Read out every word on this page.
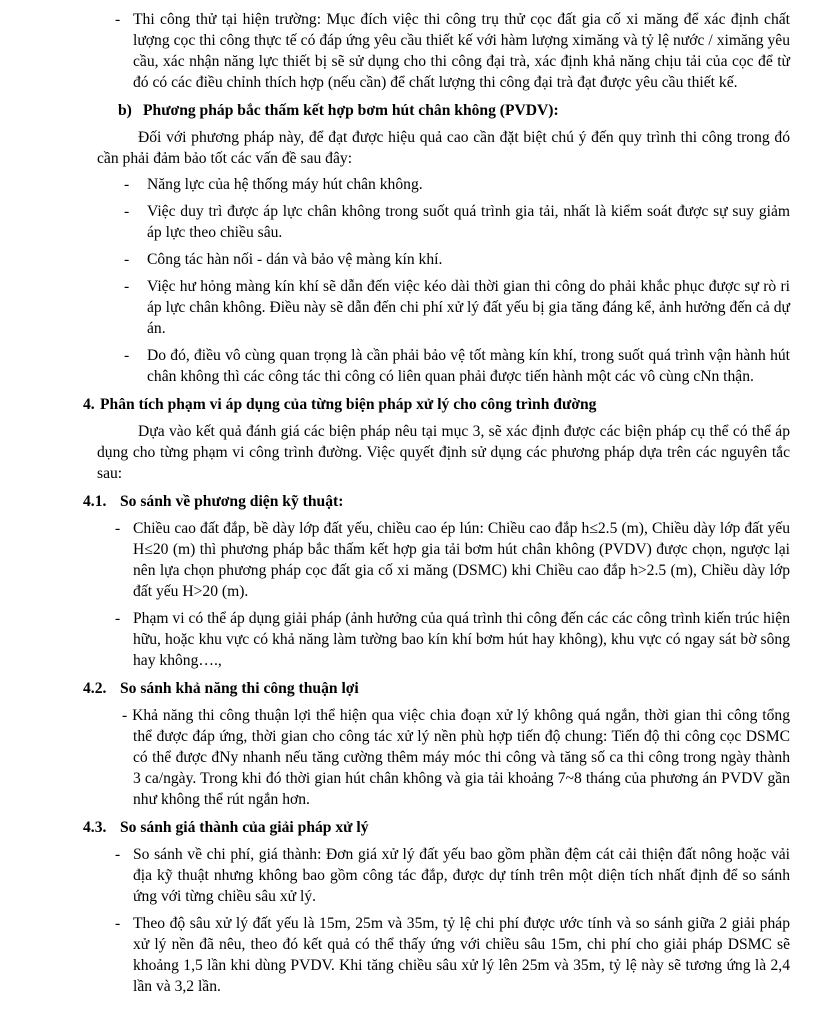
- Thi công thử tại hiện trường: Mục đích việc thi công trụ thử cọc đất gia cố xi măng để xác định chất lượng cọc thi công thực tế có đáp ứng yêu cầu thiết kế với hàm lượng ximăng và tỷ lệ nước / ximăng yêu cầu, xác nhận năng lực thiết bị sẽ sử dụng cho thi công đại trà, xác định khả năng chịu tải của cọc để từ đó có các điều chỉnh thích hợp (nếu cần) để chất lượng thi công đại trà đạt được yêu cầu thiết kế.
b) Phương pháp bắc thấm kết hợp bơm hút chân không (PVDV):
Đối với phương pháp này, để đạt được hiệu quả cao cần đặt biệt chú ý đến quy trình thi công trong đó cần phải đảm bảo tốt các vấn đề sau đây:
-	Năng lực của hệ thống máy hút chân không.
-	Việc duy trì được áp lực chân không trong suốt quá trình gia tải, nhất là kiểm soát được sự suy giảm áp lực theo chiều sâu.
-	Công tác hàn nối - dán và bảo vệ màng kín khí.
-	Việc hư hỏng màng kín khí sẽ dẫn đến việc kéo dài thời gian thi công do phải khắc phục được sự rò ri áp lực chân không. Điều này sẽ dẫn đến chi phí xử lý đất yếu bị gia tăng đáng kể, ảnh hưởng đến cả dự án.
-	Do đó, điều vô cùng quan trọng là cần phải bảo vệ tốt màng kín khí, trong suốt quá trình vận hành hút chân không thì các công tác thi công có liên quan phải được tiến hành một các vô cùng cNn thận.
4. Phân tích phạm vi áp dụng của từng biện pháp xử lý cho công trình đường
Dựa vào kết quả đánh giá các biện pháp nêu tại mục 3, sẽ xác định được các biện pháp cụ thể có thể áp dụng cho từng phạm vi công trình đường. Việc quyết định sử dụng các phương pháp dựa trên các nguyên tắc sau:
4.1. So sánh về phương diện kỹ thuật:
- Chiều cao đất đắp, bề dày lớp đất yếu, chiều cao ép lún: Chiều cao đắp h≤2.5 (m), Chiều dày lớp đất yếu H≤20 (m) thì phương pháp bắc thấm kết hợp gia tải bơm hút chân không (PVDV) được chọn, ngược lại nên lựa chọn phương pháp cọc đất gia cố xi măng (DSMC) khi Chiều cao đắp h>2.5 (m), Chiều dày lớp đất yếu H>20 (m).
- Phạm vi có thể áp dụng giải pháp (ảnh hưởng của quá trình thi công đến các các công trình kiến trúc hiện hữu, hoặc khu vực có khả năng làm tường bao kín khí bơm hút hay không), khu vực có ngay sát bờ sông hay không….,
4.2. So sánh khả năng thi công thuận lợi
- Khả năng thi công thuận lợi thể hiện qua việc chia đoạn xử lý không quá ngắn, thời gian thi công tổng thể được đáp ứng, thời gian cho công tác xử lý nền phù hợp tiến độ chung: Tiến độ thi công cọc DSMC có thể được đNy nhanh nếu tăng cường thêm máy móc thi công và tăng số ca thi công trong ngày thành 3 ca/ngày. Trong khi đó thời gian hút chân không và gia tải khoảng 7~8 tháng của phương án PVDV gần như không thể rút ngắn hơn.
4.3. So sánh giá thành của giải pháp xử lý
- So sánh về chi phí, giá thành: Đơn giá xử lý đất yếu bao gồm phần đệm cát cải thiện đất nông hoặc vải địa kỹ thuật nhưng không bao gồm công tác đắp, được dự tính trên một diện tích nhất định để so sánh ứng với từng chiều sâu xử lý.
- Theo độ sâu xử lý đất yếu là 15m, 25m và 35m, tỷ lệ chi phí được ước tính và so sánh giữa 2 giải pháp xử lý nền đã nêu, theo đó kết quả có thể thấy ứng với chiều sâu 15m, chi phí cho giải pháp DSMC sẽ khoảng 1,5 lần khi dùng PVDV. Khi tăng chiều sâu xử lý lên 25m và 35m, tỷ lệ này sẽ tương ứng là 2,4 lần và 3,2 lần.
